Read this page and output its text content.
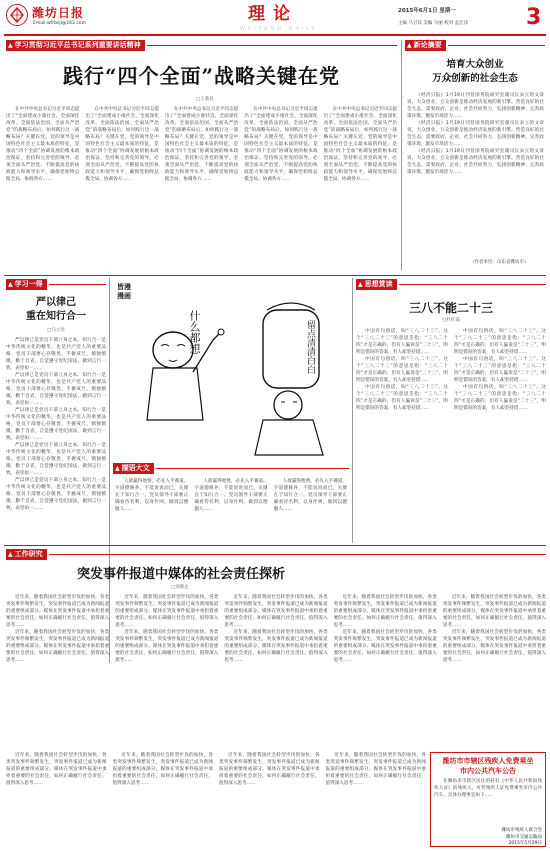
潍坊日报
Email:wfrbsjl@163.com	理论
WEIFANG DAILY
2015年6月1日 星期一
主编 马卫其 美编 马丽 校对 孟宏泽	3
▲ 学习贯彻习近平总书记系列重要讲话精神
践行“四个全面”战略关键在党
□王新民

在中共中央总书记习近平同志提出了“全面建成小康社会、全面深化改革、全面依法治国、全面从严治党”的战略布局后，如何践行这一战略布局？关键在党。党的领导是中国特色社会主义最本质的特征，是推动“四个全面”协调发展的根本政治保证。坚持和完善党的领导，必须全面从严治党，不断提高党的执政能力和领导水平，确保党始终总揽全局、协调各方……

在中共中央总书记习近平同志提出了“全面建成小康社会、全面深化改革、全面依法治国、全面从严治党”的战略布局后，如何践行这一战略布局？关键在党。党的领导是中国特色社会主义最本质的特征，是推动“四个全面”协调发展的根本政治保证。坚持和完善党的领导，必须全面从严治党，不断提高党的执政能力和领导水平，确保党始终总揽全局、协调各方……

在中共中央总书记习近平同志提出了“全面建成小康社会、全面深化改革、全面依法治国、全面从严治党”的战略布局后，如何践行这一战略布局？关键在党。党的领导是中国特色社会主义最本质的特征，是推动“四个全面”协调发展的根本政治保证。坚持和完善党的领导，必须全面从严治党，不断提高党的执政能力和领导水平，确保党始终总揽全局、协调各方……

在中共中央总书记习近平同志提出了“全面建成小康社会、全面深化改革、全面依法治国、全面从严治党”的战略布局后，如何践行这一战略布局？关键在党。党的领导是中国特色社会主义最本质的特征，是推动“四个全面”协调发展的根本政治保证。坚持和完善党的领导，必须全面从严治党，不断提高党的执政能力和领导水平，确保党始终总揽全局、协调各方……

在中共中央总书记习近平同志提出了“全面建成小康社会、全面深化改革、全面依法治国、全面从严治党”的战略布局后，如何践行这一战略布局？关键在党。党的领导是中国特色社会主义最本质的特征，是推动“四个全面”协调发展的根本政治保证。坚持和完善党的领导，必须全面从严治党，不断提高党的执政能力和领导水平，确保党始终总揽全局、协调各方……

▲ 新论摘要
培育大众创业
万众创新的社会生态

《经济日报》1月19日刊登国务院研究室副司长宋立的文章说，大众创业、万众创新是推动经济发展的新引擎。营造良好的社会生态，需要政府、企业、社会共同努力，弘扬创新精神，完善政策环境，激发市场活力……

《经济日报》1月19日刊登国务院研究室副司长宋立的文章说，大众创业、万众创新是推动经济发展的新引擎。营造良好的社会生态，需要政府、企业、社会共同努力，弘扬创新精神，完善政策环境，激发市场活力……

《经济日报》1月19日刊登国务院研究室副司长宋立的文章说，大众创业、万众创新是推动经济发展的新引擎。营造良好的社会生态，需要政府、企业、社会共同努力，弘扬创新精神，完善政策环境，激发市场活力……

（作者单位：山东省潍坊市）
▲ 学习一得
严以律己
重在知行合一
□马立光

严以律己是党员干部立身之本。知行合一是中华传统文化的精华，也是共产党人的重要品格。党员干部要心存敬畏、手握戒尺，慎独慎微、勤于自省，自觉遵守党纪国法，做到言行一致、表里如一……

严以律己是党员干部立身之本。知行合一是中华传统文化的精华，也是共产党人的重要品格。党员干部要心存敬畏、手握戒尺，慎独慎微、勤于自省，自觉遵守党纪国法，做到言行一致、表里如一……

严以律己是党员干部立身之本。知行合一是中华传统文化的精华，也是共产党人的重要品格。党员干部要心存敬畏、手握戒尺，慎独慎微、勤于自省，自觉遵守党纪国法，做到言行一致、表里如一……

严以律己是党员干部立身之本。知行合一是中华传统文化的精华，也是共产党人的重要品格。党员干部要心存敬畏、手握戒尺，慎独慎微、勤于自省，自觉遵守党纪国法，做到言行一致、表里如一……

严以律己是党员干部立身之本。知行合一是中华传统文化的精华，也是共产党人的重要品格。党员干部要心存敬畏、手握戒尺，慎独慎微、勤于自省，自觉遵守党纪国法，做到言行一致、表里如一……

皆漫
漫画
什么都想	留点清清白白
▲ 撷语大文

人欲赢得他赞，必先入手赛道。字道德修养，不能说说而已，关键在于知行合一。党员领导干部要正确看待名利，以身作则，做到以德服人……

人欲赢得他赞，必先入手赛道。字道德修养，不能说说而已，关键在于知行合一。党员领导干部要正确看待名利，以身作则，做到以德服人……

人欲赢得他赞，必先入手赛道。字道德修养，不能说说而已，关键在于知行合一。党员领导干部要正确看待名利，以身作则，做到以德服人……

▲ 思想赏读
三八不能二十三
□杜红霞

中国有句俗话，叫“三八二十三”。这个“三八二十三”的意思是指：“三八二十四”才是正确的，但有人偏说是“二十三”，明明是错误的答案，有人却坚持错……

中国有句俗话，叫“三八二十三”。这个“三八二十三”的意思是指：“三八二十四”才是正确的，但有人偏说是“二十三”，明明是错误的答案，有人却坚持错……

中国有句俗话，叫“三八二十三”。这个“三八二十三”的意思是指：“三八二十四”才是正确的，但有人偏说是“二十三”，明明是错误的答案，有人却坚持错……

中国有句俗话，叫“三八二十三”。这个“三八二十三”的意思是指：“三八二十四”才是正确的，但有人偏说是“二十三”，明明是错误的答案，有人却坚持错……

中国有句俗话，叫“三八二十三”。这个“三八二十三”的意思是指：“三八二十四”才是正确的，但有人偏说是“二十三”，明明是错误的答案，有人却坚持错……

中国有句俗话，叫“三八二十三”。这个“三八二十三”的意思是指：“三八二十四”才是正确的，但有人偏说是“二十三”，明明是错误的答案，有人却坚持错……

▲ 工作研究
突发事件报道中媒体的社会责任探析
□刘新企

近年来，随着我国社会转型步伐的加快，各类突发事件频繁发生，突发事件报道已成为新闻报道的重要组成部分。媒体在突发事件报道中承担着重要的社会责任，如何正确履行社会责任，值得深入思考……

近年来，随着我国社会转型步伐的加快，各类突发事件频繁发生，突发事件报道已成为新闻报道的重要组成部分。媒体在突发事件报道中承担着重要的社会责任，如何正确履行社会责任，值得深入思考……

近年来，随着我国社会转型步伐的加快，各类突发事件频繁发生，突发事件报道已成为新闻报道的重要组成部分。媒体在突发事件报道中承担着重要的社会责任，如何正确履行社会责任，值得深入思考……

近年来，随着我国社会转型步伐的加快，各类突发事件频繁发生，突发事件报道已成为新闻报道的重要组成部分。媒体在突发事件报道中承担着重要的社会责任，如何正确履行社会责任，值得深入思考……

近年来，随着我国社会转型步伐的加快，各类突发事件频繁发生，突发事件报道已成为新闻报道的重要组成部分。媒体在突发事件报道中承担着重要的社会责任，如何正确履行社会责任，值得深入思考……

近年来，随着我国社会转型步伐的加快，各类突发事件频繁发生，突发事件报道已成为新闻报道的重要组成部分。媒体在突发事件报道中承担着重要的社会责任，如何正确履行社会责任，值得深入思考……

近年来，随着我国社会转型步伐的加快，各类突发事件频繁发生，突发事件报道已成为新闻报道的重要组成部分。媒体在突发事件报道中承担着重要的社会责任，如何正确履行社会责任，值得深入思考……

近年来，随着我国社会转型步伐的加快，各类突发事件频繁发生，突发事件报道已成为新闻报道的重要组成部分。媒体在突发事件报道中承担着重要的社会责任，如何正确履行社会责任，值得深入思考……

近年来，随着我国社会转型步伐的加快，各类突发事件频繁发生，突发事件报道已成为新闻报道的重要组成部分。媒体在突发事件报道中承担着重要的社会责任，如何正确履行社会责任，值得深入思考……

近年来，随着我国社会转型步伐的加快，各类突发事件频繁发生，突发事件报道已成为新闻报道的重要组成部分。媒体在突发事件报道中承担着重要的社会责任，如何正确履行社会责任，值得深入思考……

近年来，随着我国社会转型步伐的加快，各类突发事件频繁发生，突发事件报道已成为新闻报道的重要组成部分。媒体在突发事件报道中承担着重要的社会责任，如何正确履行社会责任，值得深入思考……

近年来，随着我国社会转型步伐的加快，各类突发事件频繁发生，突发事件报道已成为新闻报道的重要组成部分。媒体在突发事件报道中承担着重要的社会责任，如何正确履行社会责任，值得深入思考……

近年来，随着我国社会转型步伐的加快，各类突发事件频繁发生，突发事件报道已成为新闻报道的重要组成部分。媒体在突发事件报道中承担着重要的社会责任，如何正确履行社会责任，值得深入思考……

近年来，随着我国社会转型步伐的加快，各类突发事件频繁发生，突发事件报道已成为新闻报道的重要组成部分。媒体在突发事件报道中承担着重要的社会责任，如何正确履行社会责任，值得深入思考……

潍坊市市辖区残疾人免费乘坐
市内公共汽车公告

在潍坊市市辖区居住的持有《中华人民共和国残疾人证》的残疾人，可凭残疾人证免费乘坐市内公共汽车。具体办理事宜如下……

潍坊市残疾人联合会
潍坊市交通运输局
2015年5月29日
